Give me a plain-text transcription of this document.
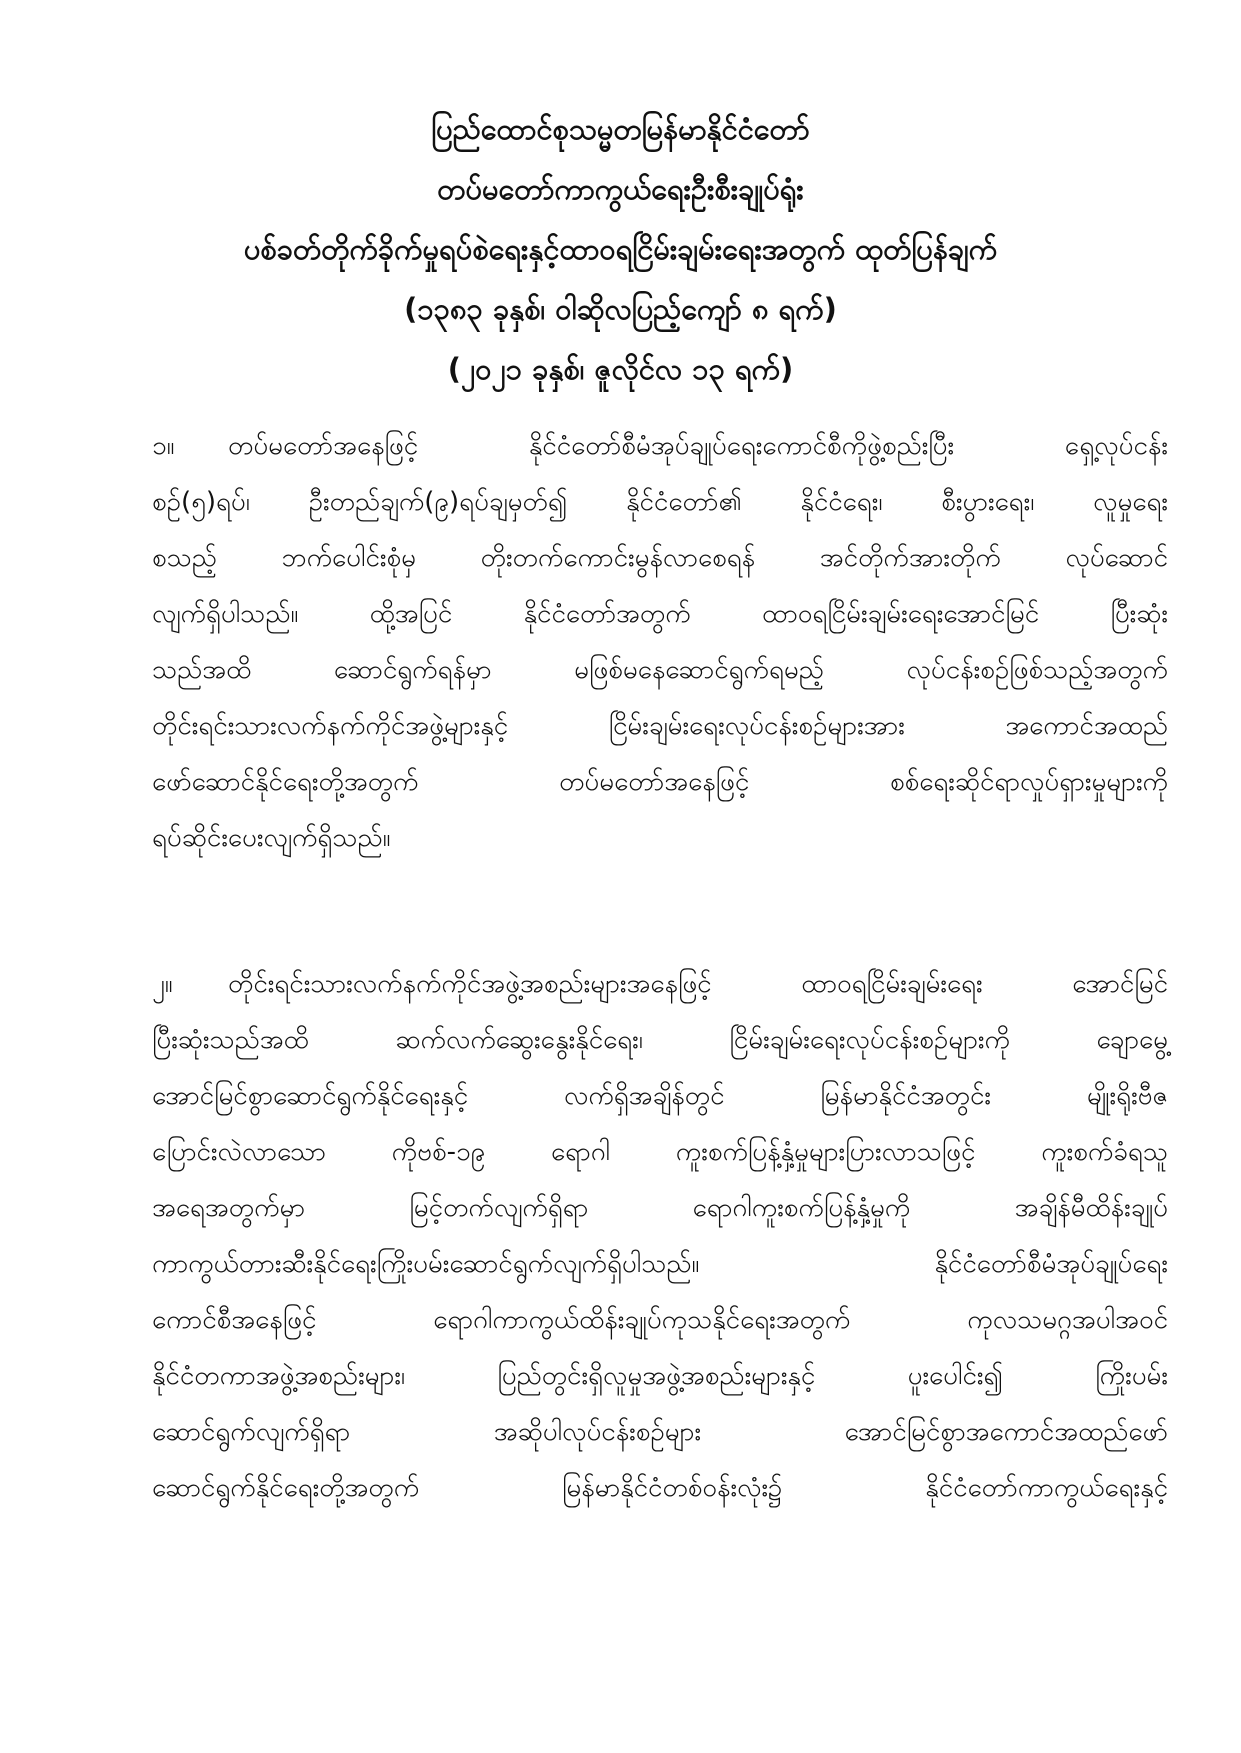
ပြည်ထောင်စုသမ္မတမြန်မာနိုင်ငံတော်
တပ်မတော်ကာကွယ်ရေးဦးစီးချုပ်ရုံး
ပစ်ခတ်တိုက်ခိုက်မှုရပ်စဲရေးနှင့်ထာဝရငြိမ်းချမ်းရေးအတွက် ထုတ်ပြန်ချက်
(၁၃၈၃ ခုနှစ်၊ ဝါဆိုလပြည့်ကျော် ၈ ရက်)
(၂၀၂၁ ခုနှစ်၊ ဇူလိုင်လ ၁၃ ရက်)
၁။ တပ်မတော်အနေဖြင့် နိုင်ငံတော်စီမံအုပ်ချုပ်ရေးကောင်စီကိုဖွဲ့စည်းပြီး ရှေ့လုပ်ငန်း
စဉ်(၅)ရပ်၊ ဦးတည်ချက်(၉)ရပ်ချမှတ်၍ နိုင်ငံတော်၏ နိုင်ငံရေး၊ စီးပွားရေး၊ လူမှုရေး
စသည့် ဘက်ပေါင်းစုံမှ တိုးတက်ကောင်းမွန်လာစေရန် အင်တိုက်အားတိုက် လုပ်ဆောင်
လျက်ရှိပါသည်။ ထို့အပြင် နိုင်ငံတော်အတွက် ထာဝရငြိမ်းချမ်းရေးအောင်မြင် ပြီးဆုံး
သည်အထိ ဆောင်ရွက်ရန်မှာ မဖြစ်မနေဆောင်ရွက်ရမည့် လုပ်ငန်းစဉ်ဖြစ်သည့်အတွက်
တိုင်းရင်းသားလက်နက်ကိုင်အဖွဲ့များနှင့် ငြိမ်းချမ်းရေးလုပ်ငန်းစဉ်များအား အကောင်အထည်
ဖော်ဆောင်နိုင်ရေးတို့အတွက် တပ်မတော်အနေဖြင့် စစ်ရေးဆိုင်ရာလှုပ်ရှားမှုများကို
ရပ်ဆိုင်းပေးလျက်ရှိသည်။
၂။ တိုင်းရင်းသားလက်နက်ကိုင်အဖွဲ့အစည်းများအနေဖြင့် ထာဝရငြိမ်းချမ်းရေး အောင်မြင်
ပြီးဆုံးသည်အထိ ဆက်လက်ဆွေးနွေးနိုင်ရေး၊ ငြိမ်းချမ်းရေးလုပ်ငန်းစဉ်များကို ချောမွေ့
အောင်မြင်စွာဆောင်ရွက်နိုင်ရေးနှင့် လက်ရှိအချိန်တွင် မြန်မာနိုင်ငံအတွင်း မျိုးရိုးဗီဇ
ပြောင်းလဲလာသော ကိုဗစ်-၁၉ ရောဂါ ကူးစက်ပြန့်နှံ့မှုများပြားလာသဖြင့် ကူးစက်ခံရသူ
အရေအတွက်မှာ မြင့်တက်လျက်ရှိရာ ရောဂါကူးစက်ပြန့်နှံ့မှုကို အချိန်မီထိန်းချုပ်
ကာကွယ်တားဆီးနိုင်ရေးကြိုးပမ်းဆောင်ရွက်လျက်ရှိပါသည်။ နိုင်ငံတော်စီမံအုပ်ချုပ်ရေး
ကောင်စီအနေဖြင့် ရောဂါကာကွယ်ထိန်းချုပ်ကုသနိုင်ရေးအတွက် ကုလသမဂ္ဂအပါအဝင်
နိုင်ငံတကာအဖွဲ့အစည်းများ၊ ပြည်တွင်းရှိလူမှုအဖွဲ့အစည်းများနှင့် ပူးပေါင်း၍ ကြိုးပမ်း
ဆောင်ရွက်လျက်ရှိရာ အဆိုပါလုပ်ငန်းစဉ်များ အောင်မြင်စွာအကောင်အထည်ဖော်
ဆောင်ရွက်နိုင်ရေးတို့အတွက် မြန်မာနိုင်ငံတစ်ဝန်းလုံး၌ နိုင်ငံတော်ကာကွယ်ရေးနှင့်
